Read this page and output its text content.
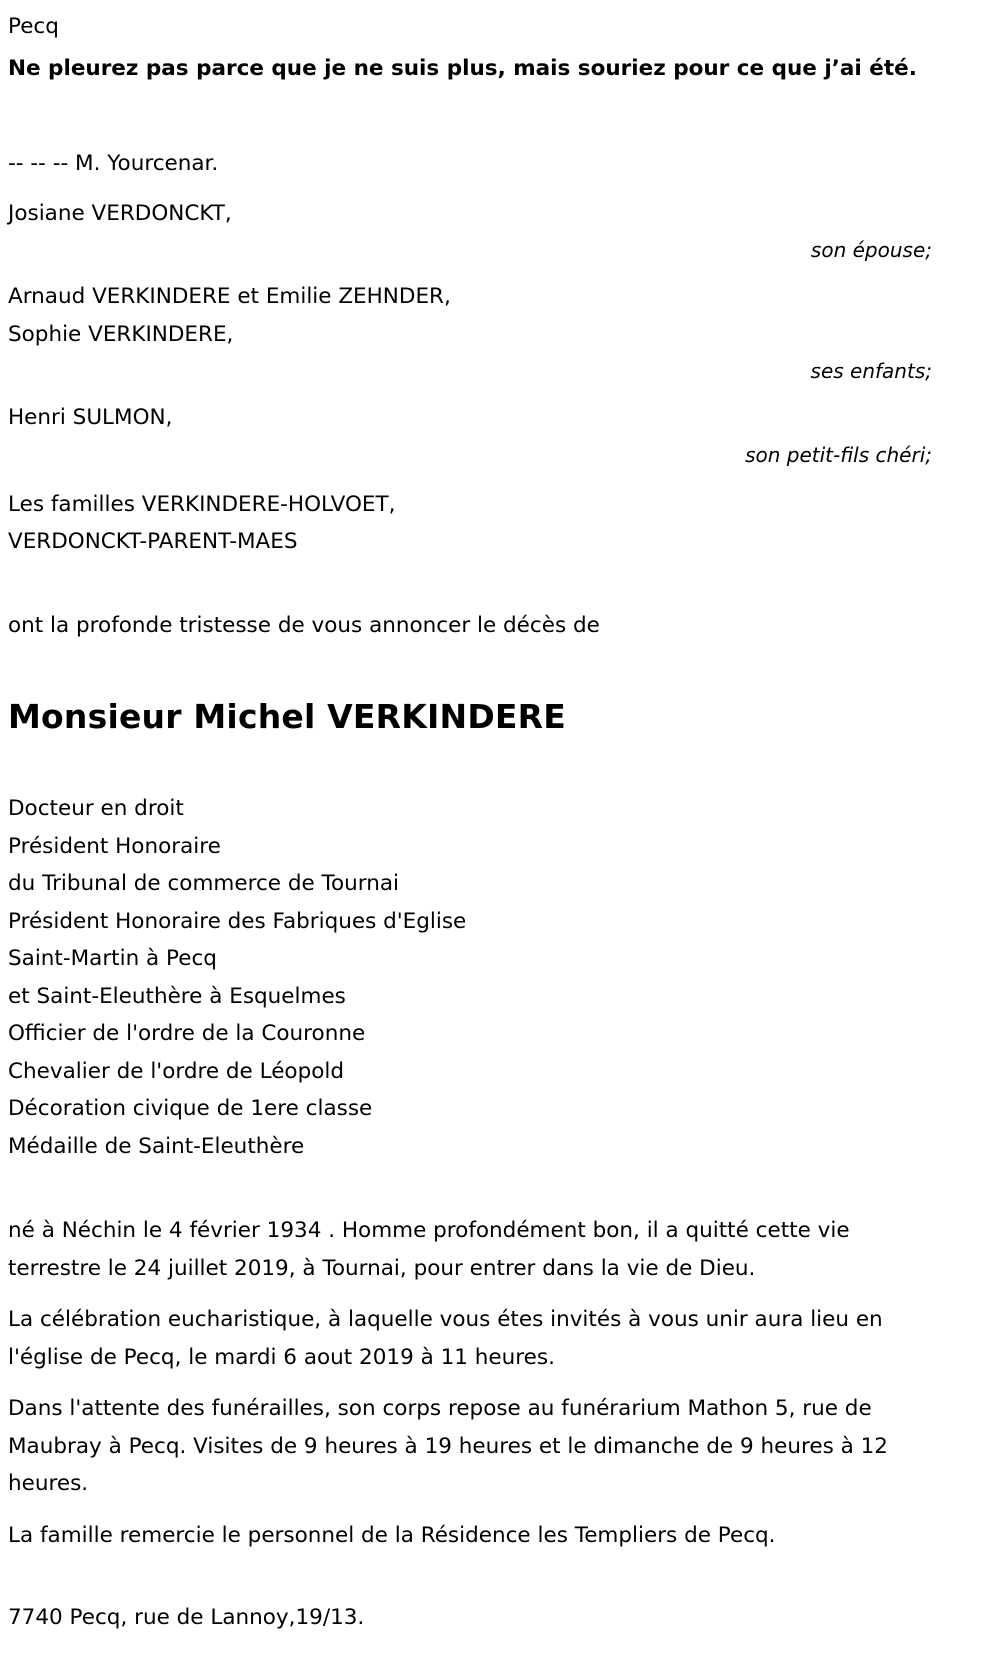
Pecq
Ne pleurez pas parce que je ne suis plus, mais souriez pour ce que j’ai été.
-- -- -- M. Yourcenar.
Josiane VERDONCKT,
son épouse;
Arnaud VERKINDERE et Emilie ZEHNDER,
Sophie VERKINDERE,
ses enfants;
Henri SULMON,
son petit-fils chéri;
Les familles VERKINDERE-HOLVOET,
VERDONCKT-PARENT-MAES
ont la profonde tristesse de vous annoncer le décès de
Monsieur Michel VERKINDERE
Docteur en droit
Président Honoraire
du Tribunal de commerce de Tournai
Président Honoraire des Fabriques d'Eglise
Saint-Martin à Pecq
et Saint-Eleuthère à Esquelmes
Officier de l'ordre de la Couronne
Chevalier de l'ordre de Léopold
Décoration civique de 1ere classe
Médaille de Saint-Eleuthère

né à Néchin le 4 février 1934 . Homme profondément bon, il a quitté cette vie terrestre le 24 juillet 2019, à Tournai, pour entrer dans la vie de Dieu.

La célébration eucharistique, à laquelle vous étes invités à vous unir aura lieu en l'église de Pecq, le mardi 6 aout 2019 à 11 heures.

Dans l'attente des funérailles, son corps repose au funérarium Mathon 5, rue de Maubray à Pecq. Visites de 9 heures à 19 heures et le dimanche de 9 heures à 12 heures.

La famille remercie le personnel de la Résidence les Templiers de Pecq.

7740 Pecq, rue de Lannoy,19/13.
